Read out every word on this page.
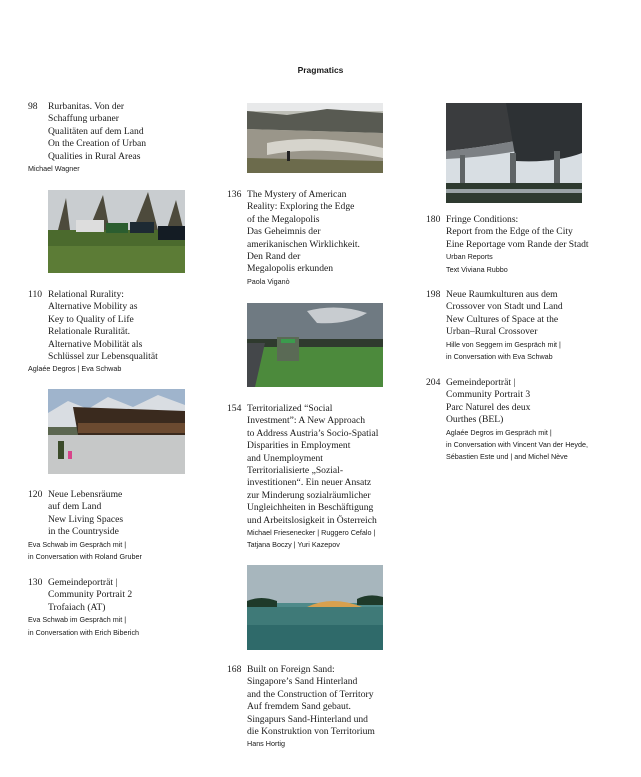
Pragmatics
98	Rurbanitas. Von der
Schaffung urbaner
Qualitäten auf dem Land
On the Creation of Urban
Qualities in Rural Areas
Michael Wagner
110 Relational Rurality:
Alternative Mobility as
Key to Quality of Life
Relationale Ruralität.
Alternative Mobilität als
Schlüssel zur Lebensqualität
Aglaée Degros | Eva Schwab
120 Neue Lebensräume
auf dem Land
New Living Spaces
in the Countryside
Eva Schwab im Gespräch mit |
in Conversation with Roland Gruber
130 Gemeindeporträt |
Community Portrait 2
Trofaiach (AT)
Eva Schwab im Gespräch mit |
in Conversation with Erich Biberich
136 The Mystery of American
Reality: Exploring the Edge
of the Megalopolis
Das Geheimnis der
amerikanischen Wirklichkeit.
Den Rand der
Megalopolis erkunden
Paola Viganò
154 Territorialized “Social
Investment”: A New Approach
to Address Austria’s Socio-Spatial
Disparities in Employment
and Unemployment
Territorialisierte „Sozial-
investitionen“. Ein neuer Ansatz
zur Minderung sozialräumlicher
Ungleichheiten in Beschäftigung
und Arbeitslosigkeit in Österreich
Michael Friesenecker | Ruggero Cefalo |
Tatjana Boczy | Yuri Kazepov
168 Built on Foreign Sand:
Singapore’s Sand Hinterland
and the Construction of Territory
Auf fremdem Sand gebaut.
Singapurs Sand-Hinterland und
die Konstruktion von Territorium
Hans Hortig
180 Fringe Conditions:
Report from the Edge of the City
Eine Reportage vom Rande der Stadt
Urban Reports
Text Viviana Rubbo
198 Neue Raumkulturen aus dem
Crossover von Stadt und Land
New Cultures of Space at the
Urban–Rural Crossover
Hille von Seggern im Gespräch mit |
in Conversation with Eva Schwab
204 Gemeindeporträt |
Community Portrait 3
Parc Naturel des deux
Ourthes (BEL)
Aglaée Degros im Gespräch mit |
in Conversation with Vincent Van der Heyde,
Sébastien Este und | and Michel Nève
